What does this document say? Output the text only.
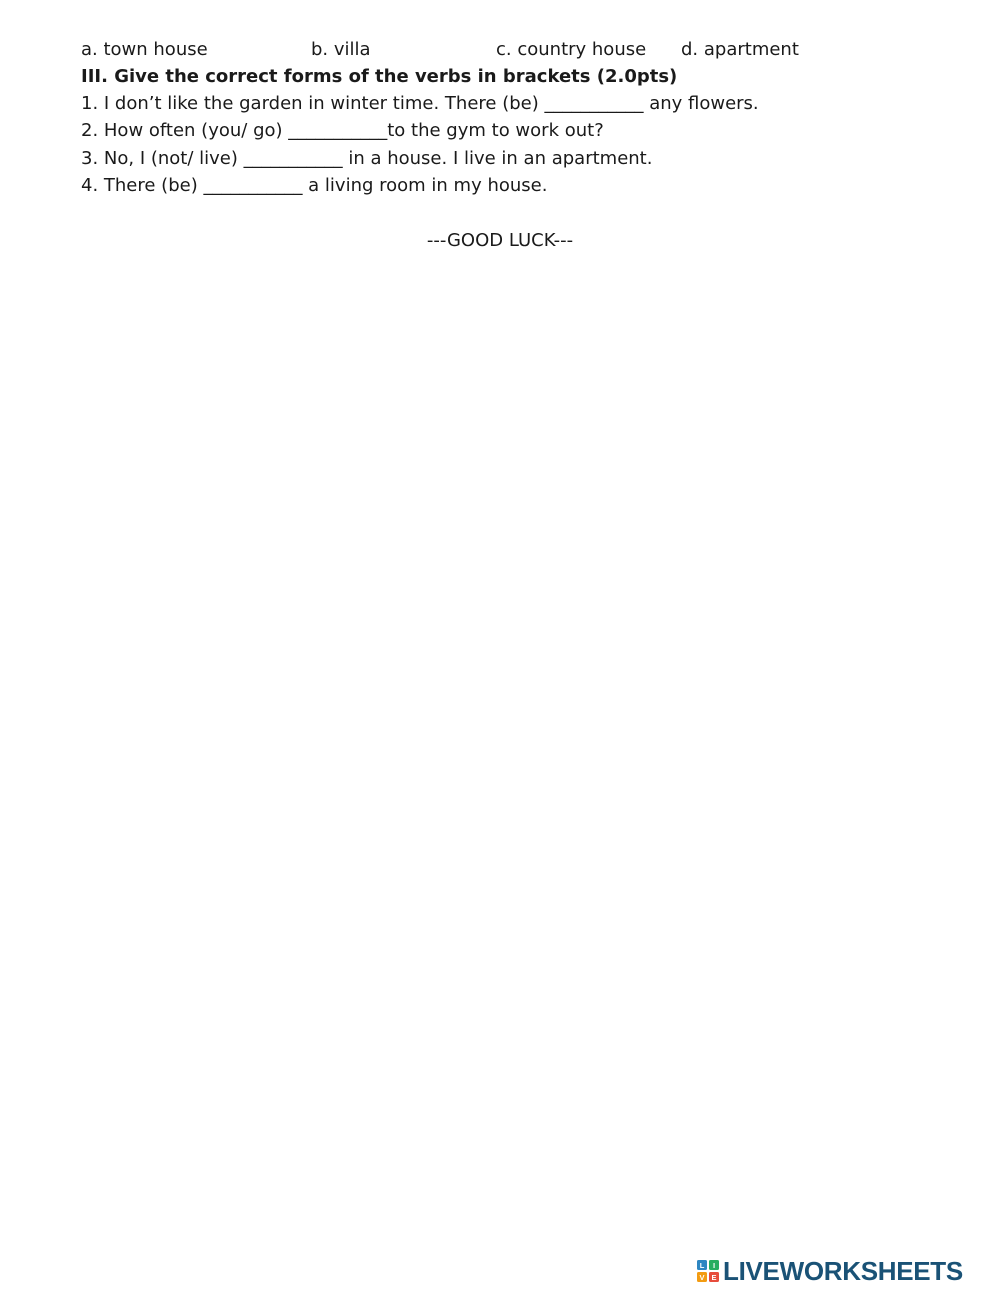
a. town house	b. villa	c. country house d. apartment
III. Give the correct forms of the verbs in brackets (2.0pts)
1. I don’t like the garden in winter time. There (be) ___________ any flowers.
2. How often (you/ go) ___________to the gym to work out?
3. No, I (not/ live) ___________ in a house. I live in an apartment.
4. There (be) ___________ a living room in my house.
---GOOD LUCK---
L I
V E LIVEWORKSHEETS
